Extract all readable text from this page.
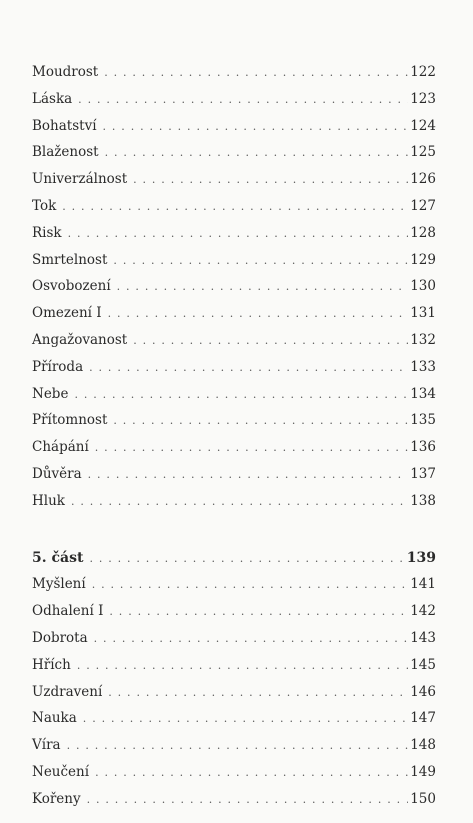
Moudrost . . .	122
Láska . . .	123
Bohatství . . .	124
Blaženost . . .	125
Univerzálnost . . .	126
Tok . . .	127
Risk . . .	128
Smrtelnost . . .	129
Osvobození . . .	130
Omezení I . . .	131
Angažovanost . . .	132
Příroda . . .	133
Nebe . . .	134
Přítomnost . . .	135
Chápání . . .	136
Důvěra . . .	137
Hluk . . .	138
5. část . . .	139
Myšlení . . .	141
Odhalení I . . .	142
Dobrota . . .	143
Hřích . . .	145
Uzdravení . . .	146
Nauka . . .	147
Víra . . .	148
Neučení . . .	149
Kořeny . . .	150
